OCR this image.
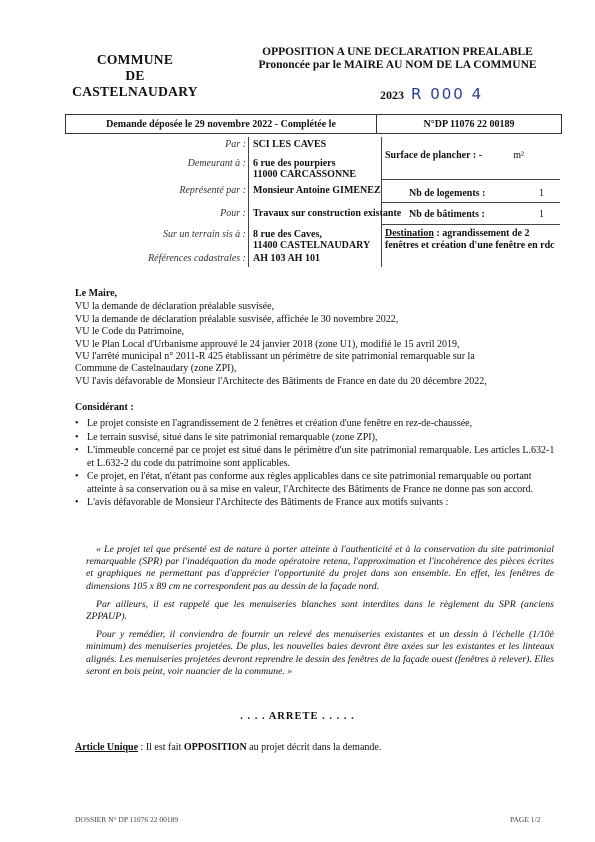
COMMUNE
DE
CASTELNAUDARY
OPPOSITION A UNE DECLARATION PREALABLE
Prononcée par le MAIRE AU NOM DE LA COMMUNE
2023 R 000 4
Demande déposée le 29 novembre 2022 - Complétée le	N°DP 11076 22 00189
Par : SCI LES CAVES
Demeurant à : 6 rue des pourpiers
11000 CARCASSONNE
Représenté par : Monsieur Antoine GIMENEZ
Pour : Travaux sur construction existante
Sur un terrain sis à : 8 rue des Caves,
11400 CASTELNAUDARY
Références cadastrales : AH 103 AH 101
Surface de plancher : -	m²
Nb de logements :	1
Nb de bâtiments :	1
Destination : agrandissement de 2 fenêtres et création d'une fenêtre en rdc

Le Maire,

VU la demande de déclaration préalable susvisée,

VU la demande de déclaration préalable susvisée, affichée le 30 novembre 2022,

VU le Code du Patrimoine,

VU le Plan Local d'Urbanisme approuvé le 24 janvier 2018 (zone U1), modifié le 15 avril 2019,

VU l'arrêté municipal n° 2011-R 425 établissant un périmètre de site patrimonial remarquable sur la

Commune de Castelnaudary (zone ZPI),

VU l'avis défavorable de Monsieur l'Architecte des Bâtiments de France en date du 20 décembre 2022,

Considérant :

• Le projet consiste en l'agrandissement de 2 fenêtres et création d'une fenêtre en rez-de-chaussée,

• Le terrain susvisé, situé dans le site patrimonial remarquable (zone ZPI),

• L'immeuble concerné par ce projet est situé dans le périmètre d'un site patrimonial remarquable. Les articles L.632-1 et L.632-2 du code du patrimoine sont applicables.

• Ce projet, en l'état, n'étant pas conforme aux règles applicables dans ce site patrimonial remarquable ou portant atteinte à sa conservation ou à sa mise en valeur, l'Architecte des Bâtiments de France ne donne pas son accord.

• L'avis défavorable de Monsieur l'Architecte des Bâtiments de France aux motifs suivants :

« Le projet tel que présenté est de nature à porter atteinte à l'authenticité et à la conservation du site patrimonial remarquable (SPR) par l'inadéquation du mode opératoire retenu, l'approximation et l'incohérence des pièces écrites et graphiques ne permettant pas d'apprécier l'opportunité du projet dans son ensemble. En effet, les fenêtres de dimensions 105 x 89 cm ne correspondent pas au dessin de la façade nord.

Par ailleurs, il est rappelé que les menuiseries blanches sont interdites dans le règlement du SPR (anciens ZPPAUP).

Pour y remédier, il conviendra de fournir un relevé des menuiseries existantes et un dessin à l'échelle (1/10è minimum) des menuiseries projetées. De plus, les nouvelles baies devront être axées sur les existantes et les linteaux alignés. Les menuiseries projetées devront reprendre le dessin des fenêtres de la façade ouest (fenêtres à relever). Elles seront en bois peint, voir nuancier de la commune. »

. . . . ARRETE . . . . .
Article Unique : Il est fait OPPOSITION au projet décrit dans la demande.
DOSSIER N° DP 11076 22 00189	PAGE 1/2
